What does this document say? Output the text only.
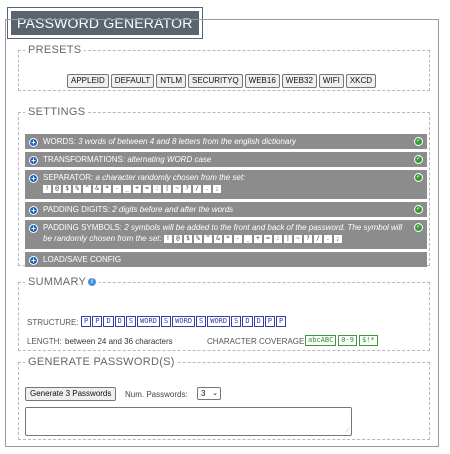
PASSWORD GENERATOR
PRESETS
APPLEID	DEFAULT	NTLM	SECURITYQ	WEB16	WEB32	WIFI	XKCD
SETTINGS
+ WORDS: 3 words of between 4 and 8 letters from the english dictionary	✓
+ TRANSFORMATIONS: alternating WORD case	✓
+ SEPARATOR: a character randomly chosen from the set:
!	@	$	%	^	&	*	-	_	+	=	:	|	~	?	/	.	;
✓
+ PADDING DIGITS: 2 digits before and after the words	✓
+ PADDING SYMBOLS: 2 symbols will be added to the front and back of the password. The symbol will be randomly chosen from the set: !	@	$	%	^	&	*	-	_	+	=	:	|	~	?	/	.	;
✓
+ LOAD/SAVE CONFIG
SUMMARY i
STRUCTURE: P	P	D	D	S	WORD	S	WORD	S	WORD	S	D	D	P	P
LENGTH: between 24 and 36 characters	CHARACTER COVERAGE: abcABC	0-9	$!*
GENERATE PASSWORD(S)
Generate 3 Passwords	Num. Passwords:	3 ⌄
⟋
